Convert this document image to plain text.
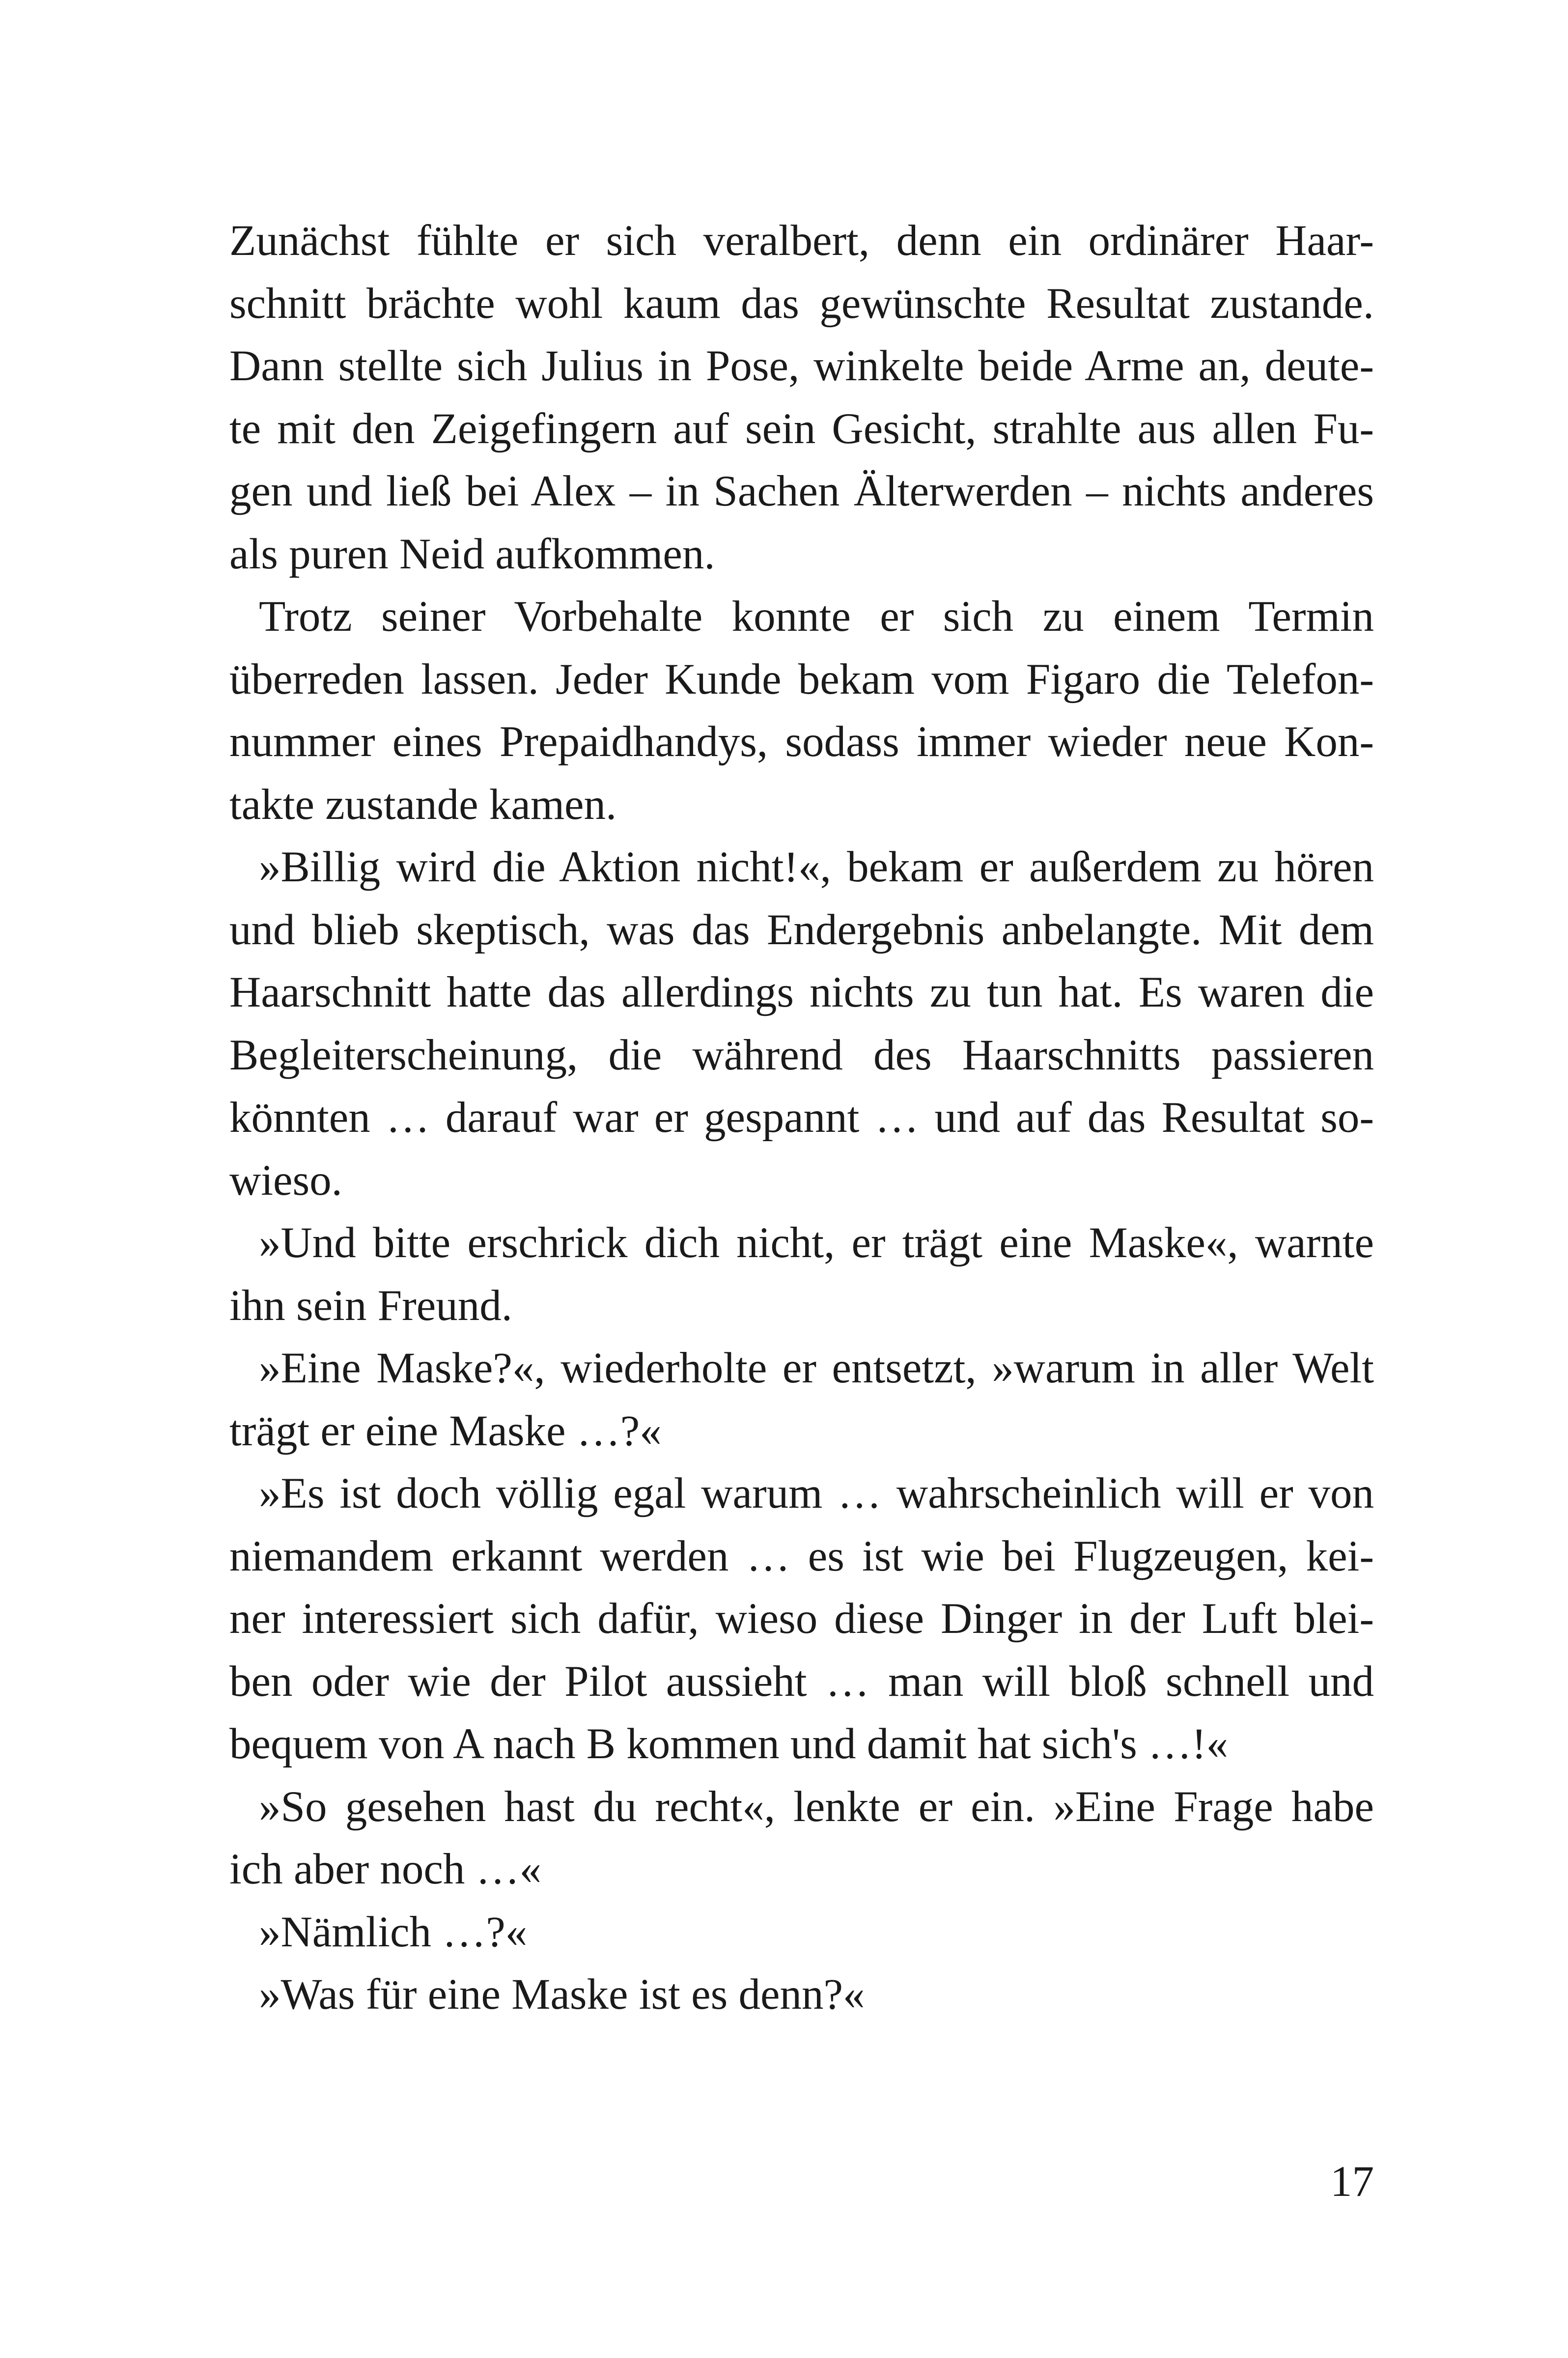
Zunächst fühlte er sich veralbert, denn ein ordinärer Haar-
schnitt brächte wohl kaum das gewünschte Resultat zustande.
Dann stellte sich Julius in Pose, winkelte beide Arme an, deute-
te mit den Zeigefingern auf sein Gesicht, strahlte aus allen Fu-
gen und ließ bei Alex – in Sachen Älterwerden – nichts anderes
als puren Neid aufkommen.
Trotz seiner Vorbehalte konnte er sich zu einem Termin
überreden lassen. Jeder Kunde bekam vom Figaro die Telefon-
nummer eines Prepaidhandys, sodass immer wieder neue Kon-
takte zustande kamen.
»Billig wird die Aktion nicht!«, bekam er außerdem zu hören
und blieb skeptisch, was das Endergebnis anbelangte. Mit dem
Haarschnitt hatte das allerdings nichts zu tun hat. Es waren die
Begleiterscheinung, die während des Haarschnitts passieren
könnten … darauf war er gespannt … und auf das Resultat so-
wieso.
»Und bitte erschrick dich nicht, er trägt eine Maske«, warnte
ihn sein Freund.
»Eine Maske?«, wiederholte er entsetzt, »warum in aller Welt
trägt er eine Maske …?«
»Es ist doch völlig egal warum … wahrscheinlich will er von
niemandem erkannt werden … es ist wie bei Flugzeugen, kei-
ner interessiert sich dafür, wieso diese Dinger in der Luft blei-
ben oder wie der Pilot aussieht … man will bloß schnell und
bequem von A nach B kommen und damit hat sich's …!«
»So gesehen hast du recht«, lenkte er ein. »Eine Frage habe
ich aber noch …«
»Nämlich …?«
»Was für eine Maske ist es denn?«
17
